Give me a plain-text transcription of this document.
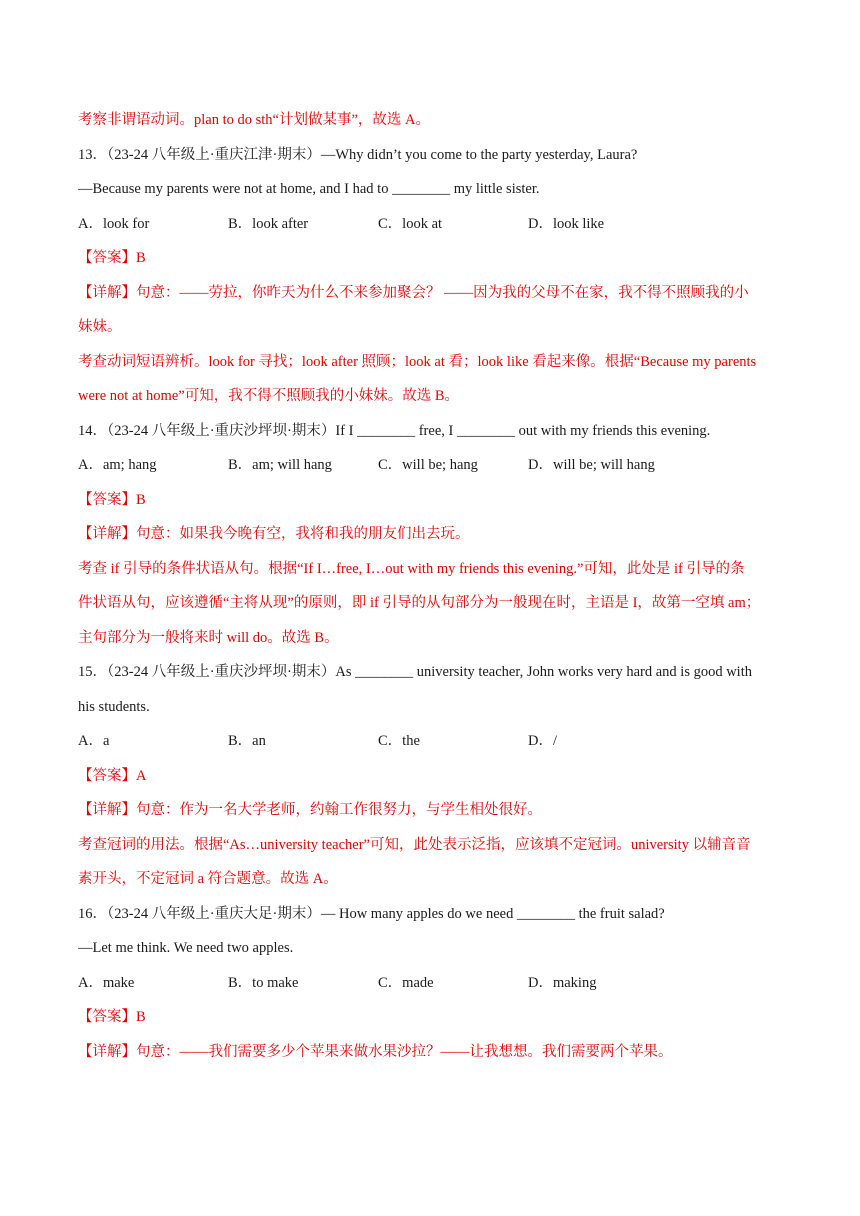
考察非谓语动词。plan to do sth“计划做某事”，故选 A。
13．（23-24 八年级上·重庆江津·期末）—Why didn’t you come to the party yesterday, Laura?
—Because my parents were not at home, and I had to ________ my little sister.
A．look for	B．look after	C．look at	D．look like
【答案】B
【详解】句意：——劳拉，你昨天为什么不来参加聚会？ ——因为我的父母不在家，我不得不照顾我的小
妹妹。
考查动词短语辨析。look for 寻找；look after 照顾；look at 看；look like 看起来像。根据“Because my parents
were not at home”可知，我不得不照顾我的小妹妹。故选 B。
14．（23-24 八年级上·重庆沙坪坝·期末）If I ________ free, I ________ out with my friends this evening.
A．am; hang	B．am; will hang	C．will be; hang	D．will be; will hang
【答案】B
【详解】句意：如果我今晚有空，我将和我的朋友们出去玩。
考查 if 引导的条件状语从句。根据“If I…free, I…out with my friends this evening.”可知，此处是 if 引导的条
件状语从句，应该遵循“主将从现”的原则，即 if 引导的从句部分为一般现在时，主语是 I，故第一空填 am；
主句部分为一般将来时 will do。故选 B。
15．（23-24 八年级上·重庆沙坪坝·期末）As ________ university teacher, John works very hard and is good with
his students.
A．a	B．an	C．the	D．/
【答案】A
【详解】句意：作为一名大学老师，约翰工作很努力，与学生相处很好。
考查冠词的用法。根据“As…university teacher”可知，此处表示泛指，应该填不定冠词。university 以辅音音
素开头，不定冠词 a 符合题意。故选 A。
16．（23-24 八年级上·重庆大足·期末）— How many apples do we need ________ the fruit salad?
—Let me think. We need two apples.
A．make	B．to make	C．made	D．making
【答案】B
【详解】句意：——我们需要多少个苹果来做水果沙拉？——让我想想。我们需要两个苹果。
